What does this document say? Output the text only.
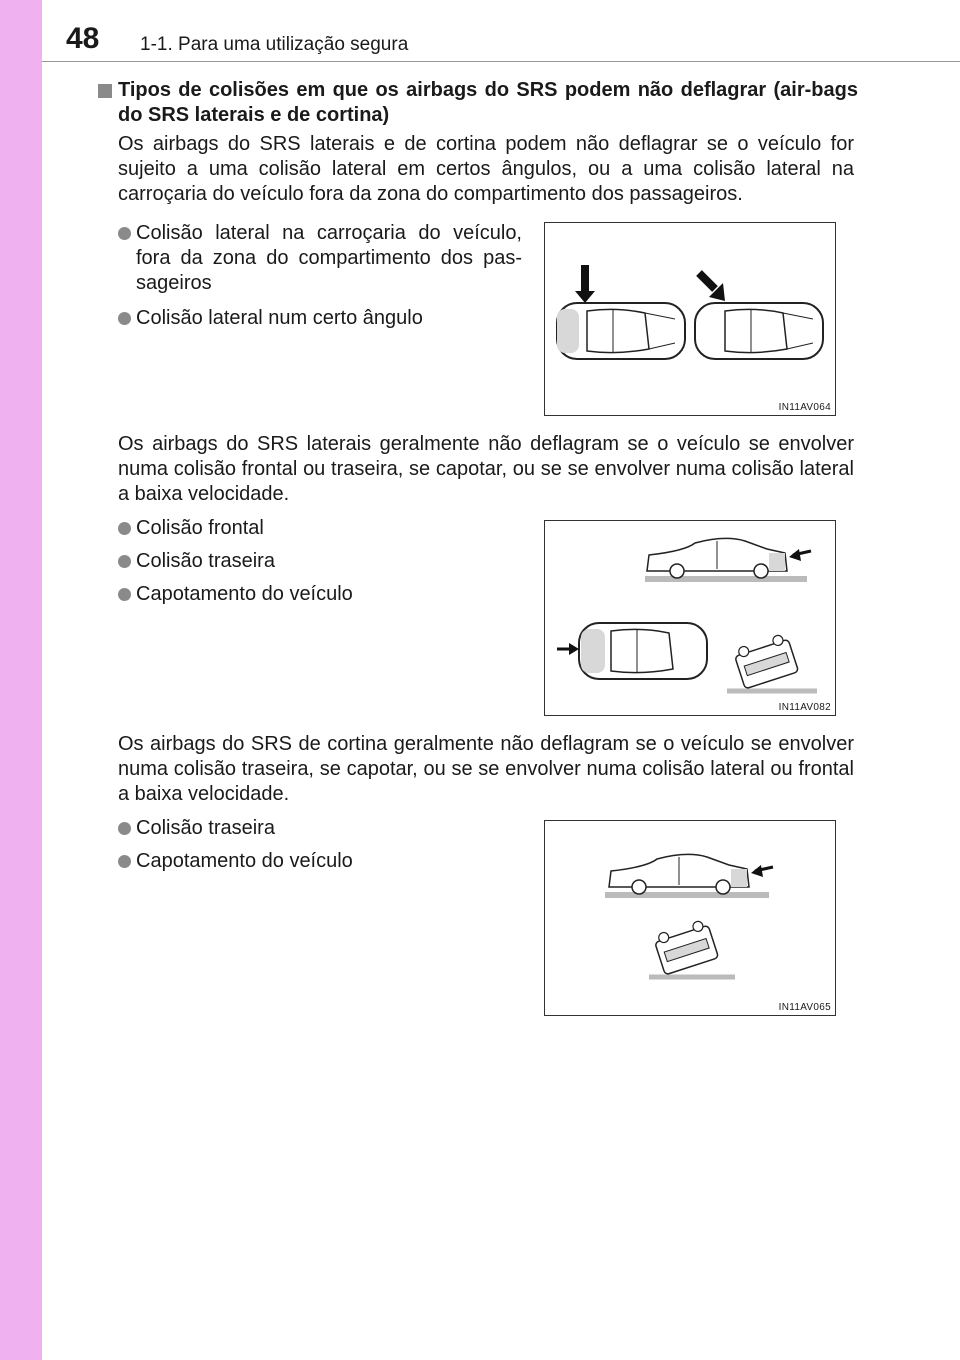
48 1-1. Para uma utilização segura
Tipos de colisões em que os airbags do SRS podem não deflagrar (air-bags do SRS laterais e de cortina)
Os airbags do SRS laterais e de cortina podem não deflagrar se o veículo for sujeito a uma colisão lateral em certos ângulos, ou a uma colisão lateral na carroçaria do veículo fora da zona do compartimento dos passageiros.
Colisão lateral na carroçaria do veículo, fora da zona do compartimento dos pas-sageiros
Colisão lateral num certo ângulo
IN11AV064
Os airbags do SRS laterais geralmente não deflagram se o veículo se envolver numa colisão frontal ou traseira, se capotar, ou se se envolver numa colisão lateral a baixa velocidade.
Colisão frontal
Colisão traseira
Capotamento do veículo
IN11AV082
Os airbags do SRS de cortina geralmente não deflagram se o veículo se envolver numa colisão traseira, se capotar, ou se se envolver numa colisão lateral ou frontal a baixa velocidade.
Colisão traseira
Capotamento do veículo
IN11AV065
